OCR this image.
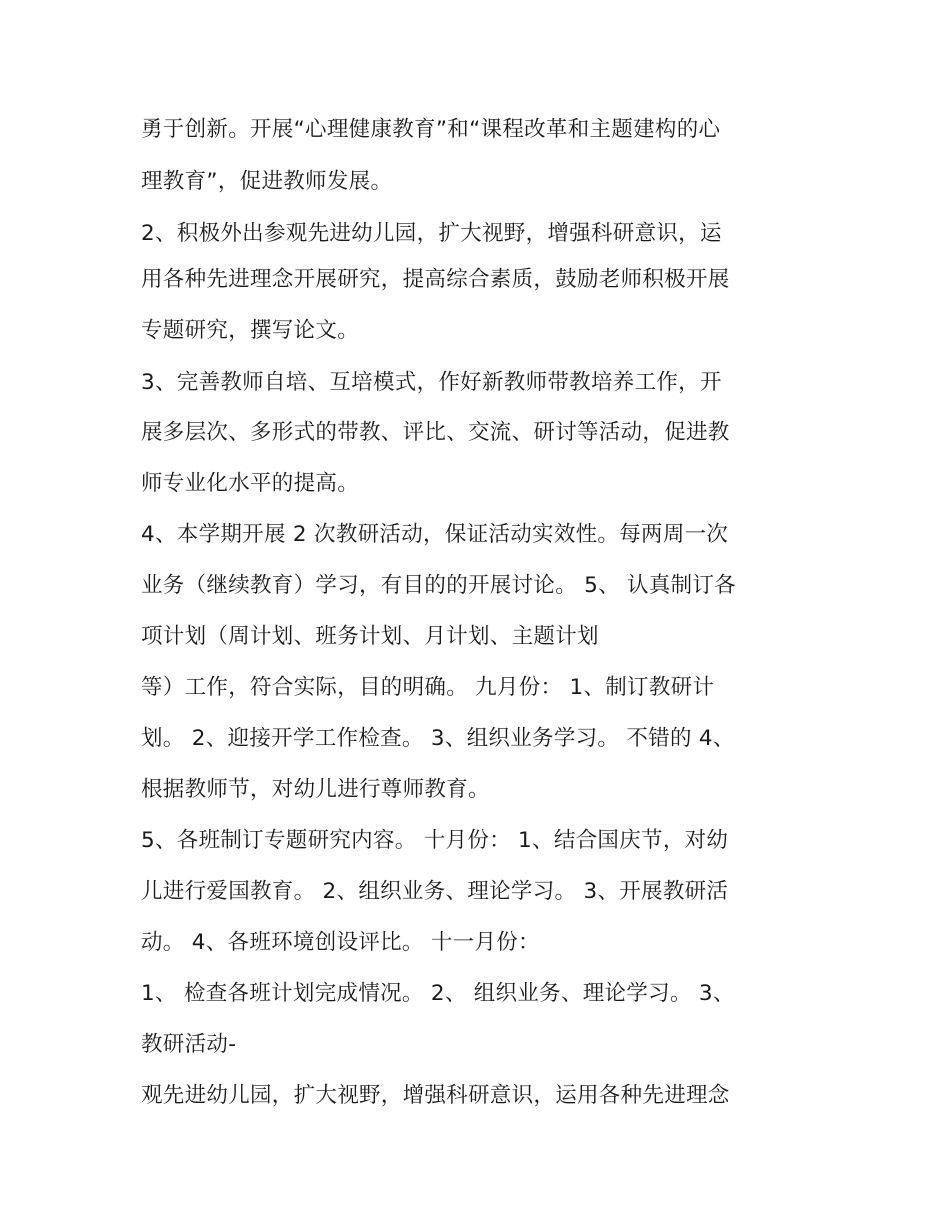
勇于创新。开展“心理健康教育”和“课程改革和主题建构的心
理教育”，促进教师发展。
2、积极外出参观先进幼儿园，扩大视野，增强科研意识，运
用各种先进理念开展研究，提高综合素质，鼓励老师积极开展
专题研究，撰写论文。
3、完善教师自培、互培模式，作好新教师带教培养工作，开
展多层次、多形式的带教、评比、交流、研讨等活动，促进教
师专业化水平的提高。
4、本学期开展 2 次教研活动，保证活动实效性。每两周一次
业务（继续教育）学习，有目的的开展讨论。 5、 认真制订各
项计划（周计划、班务计划、月计划、主题计划
等）工作，符合实际，目的明确。 九月份： 1、制订教研计
划。 2、迎接开学工作检查。 3、组织业务学习。 不错的 4、
根据教师节，对幼儿进行尊师教育。
5、各班制订专题研究内容。 十月份： 1、结合国庆节，对幼
儿进行爱国教育。 2、组织业务、理论学习。 3、开展教研活
动。 4、各班环境创设评比。 十一月份：
1、 检查各班计划完成情况。 2、 组织业务、理论学习。 3、
教研活动-
观先进幼儿园，扩大视野，增强科研意识，运用各种先进理念
